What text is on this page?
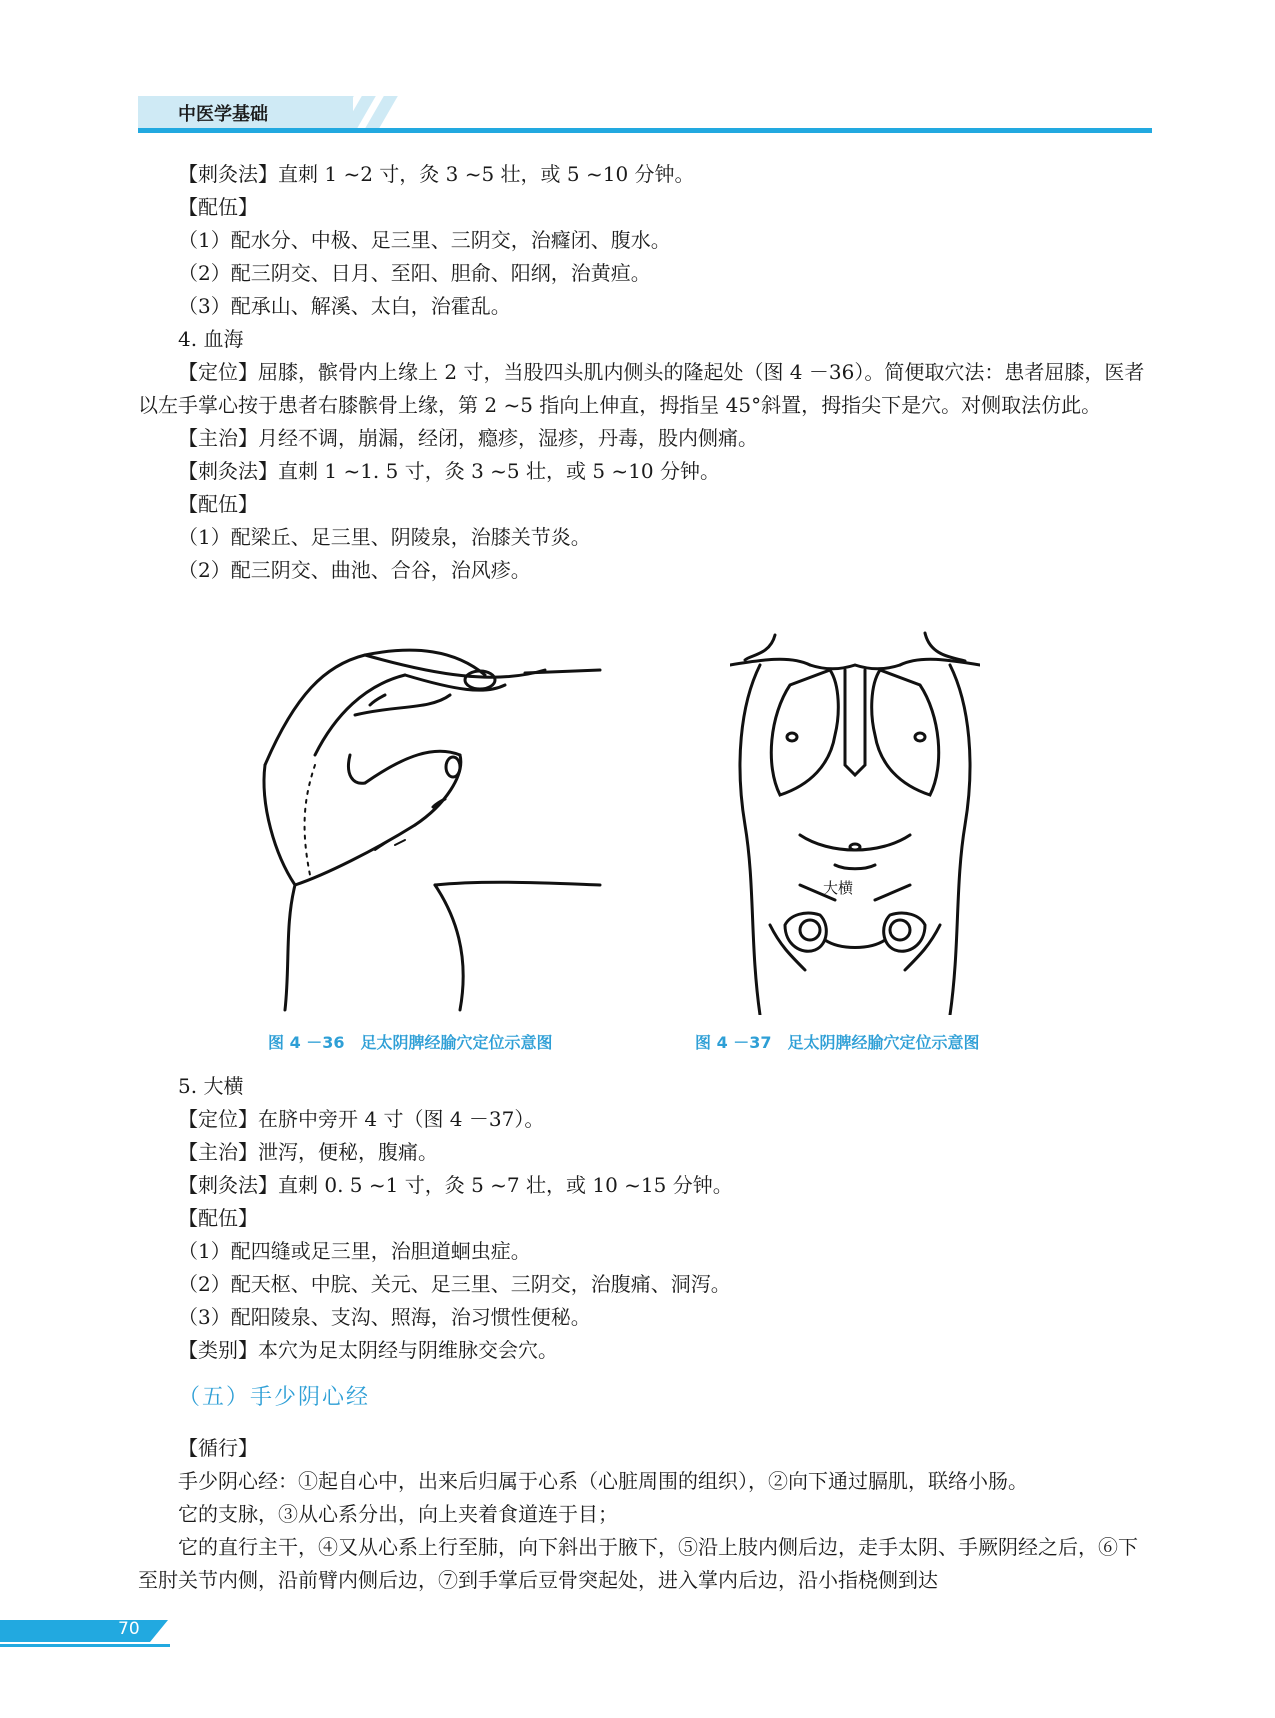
中医学基础

【刺灸法】直刺 1 ~2 寸，灸 3 ~5 壮，或 5 ~10 分钟。

【配伍】

（1）配水分、中极、足三里、三阴交，治癃闭、腹水。

（2）配三阴交、日月、至阳、胆俞、阳纲，治黄疸。

（3）配承山、解溪、太白，治霍乱。

4. 血海

【定位】屈膝，髌骨内上缘上 2 寸，当股四头肌内侧头的隆起处（图 4 －36）。简便取穴法：患者屈膝，医者以左手掌心按于患者右膝髌骨上缘，第 2 ~5 指向上伸直，拇指呈 45°斜置，拇指尖下是穴。对侧取法仿此。

【主治】月经不调，崩漏，经闭，瘾疹，湿疹，丹毒，股内侧痛。

【刺灸法】直刺 1 ~1. 5 寸，灸 3 ~5 壮，或 5 ~10 分钟。

【配伍】

（1）配梁丘、足三里、阴陵泉，治膝关节炎。

（2）配三阴交、曲池、合谷，治风疹。

大横
图 4 －36　足太阴脾经腧穴定位示意图	图 4 －37　足太阴脾经腧穴定位示意图

5. 大横

【定位】在脐中旁开 4 寸（图 4 －37）。

【主治】泄泻，便秘，腹痛。

【刺灸法】直刺 0. 5 ~1 寸，灸 5 ~7 壮，或 10 ~15 分钟。

【配伍】

（1）配四缝或足三里，治胆道蛔虫症。

（2）配天枢、中脘、关元、足三里、三阴交，治腹痛、洞泻。

（3）配阳陵泉、支沟、照海，治习惯性便秘。

【类别】本穴为足太阴经与阴维脉交会穴。

（五）手少阴心经

【循行】

手少阴心经：①起自心中，出来后归属于心系（心脏周围的组织），②向下通过膈肌，联络小肠。

它的支脉，③从心系分出，向上夹着食道连于目；

它的直行主干，④又从心系上行至肺，向下斜出于腋下，⑤沿上肢内侧后边，走手太阴、手厥阴经之后，⑥下至肘关节内侧，沿前臂内侧后边，⑦到手掌后豆骨突起处，进入掌内后边，沿小指桡侧到达

70
